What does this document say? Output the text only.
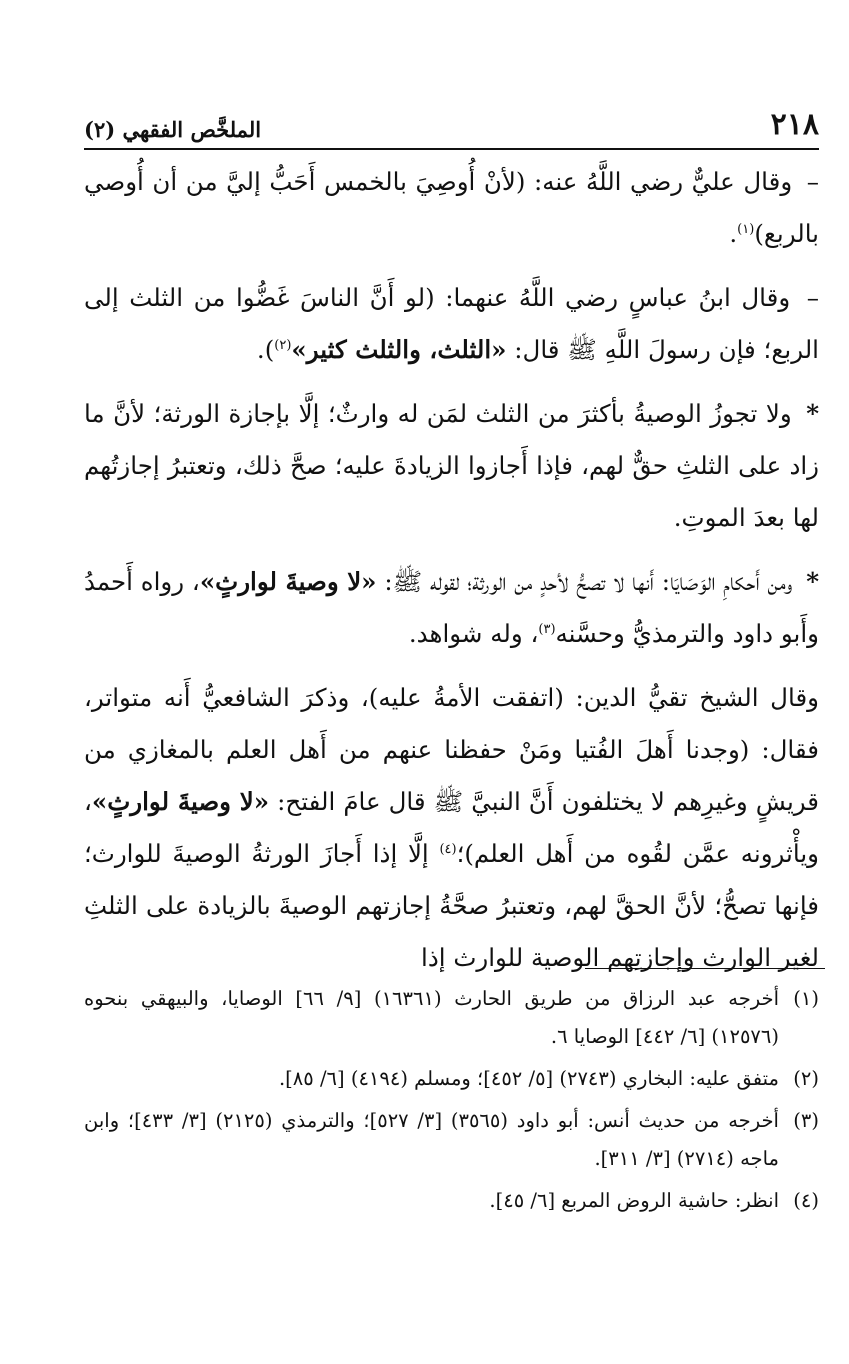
٢١٨
الملخَّص الفقهي (٢)

– وقال عليٌّ رضي اللَّهُ عنه: (لأنْ أُوصِيَ بالخمس أَحَبُّ إليَّ من أن أُوصي بالربع)$^{(١)}$.

– وقال ابنُ عباسٍ رضي اللَّهُ عنهما: (لو أَنَّ الناسَ غَضُّوا من الثلث إلى الربع؛ فإن رسولَ اللَّهِ ﷺ قال: «الثلث، والثلث كثير»$^{(٢)}$).

* ولا تجوزُ الوصيةُ بأكثرَ من الثلث لمَن له وارثٌ؛ إلَّا بإجازة الورثة؛ لأنَّ ما زاد على الثلثِ حقٌّ لهم، فإذا أَجازوا الزيادةَ عليه؛ صحَّ ذلك، وتعتبرُ إجازتُهم لها بعدَ الموتِ.

* ومن أَحكامِ الوَصَايَا: أَنها لا تصحُّ لأحدٍ من الورثة؛ لقوله ﷺ: «لا وصيةَ لوارثٍ»، رواه أَحمدُ وأَبو داود والترمذيُّ وحسَّنه$^{(٣)}$، وله شواهد.

وقال الشيخ تقيُّ الدين: (اتفقت الأمةُ عليه)، وذكرَ الشافعيُّ أَنه متواتر، فقال: (وجدنا أَهلَ الفُتيا ومَنْ حفظنا عنهم من أَهل العلم بالمغازي من قريشٍ وغيرِهم لا يختلفون أَنَّ النبيَّ ﷺ قال عامَ الفتح: «لا وصيةَ لوارثٍ»، ويأْثرونه عمَّن لقُوه من أَهل العلم)؛$^{(٤)}$ إلَّا إذا أَجازَ الورثةُ الوصيةَ للوارث؛ فإنها تصحُّ؛ لأنَّ الحقَّ لهم، وتعتبرُ صحَّةُ إجازتهم الوصيةَ بالزيادة على الثلثِ لغير الوارث وإجازتِهم الوصية للوارث إذا

(١)
أخرجه عبد الرزاق من طريق الحارث (١٦٣٦١) [٩/ ٦٦] الوصايا، والبيهقي بنحوه (١٢٥٧٦) [٦/ ٤٤٢] الوصايا ٦.
(٢)
متفق عليه: البخاري (٢٧٤٣) [٥/ ٤٥٢]؛ ومسلم (٤١٩٤) [٦/ ٨٥].
(٣)
أخرجه من حديث أنس: أبو داود (٣٥٦٥) [٣/ ٥٢٧]؛ والترمذي (٢١٢٥) [٣/ ٤٣٣]؛ وابن ماجه (٢٧١٤) [٣/ ٣١١].
(٤)
انظر: حاشية الروض المربع [٦/ ٤٥].
